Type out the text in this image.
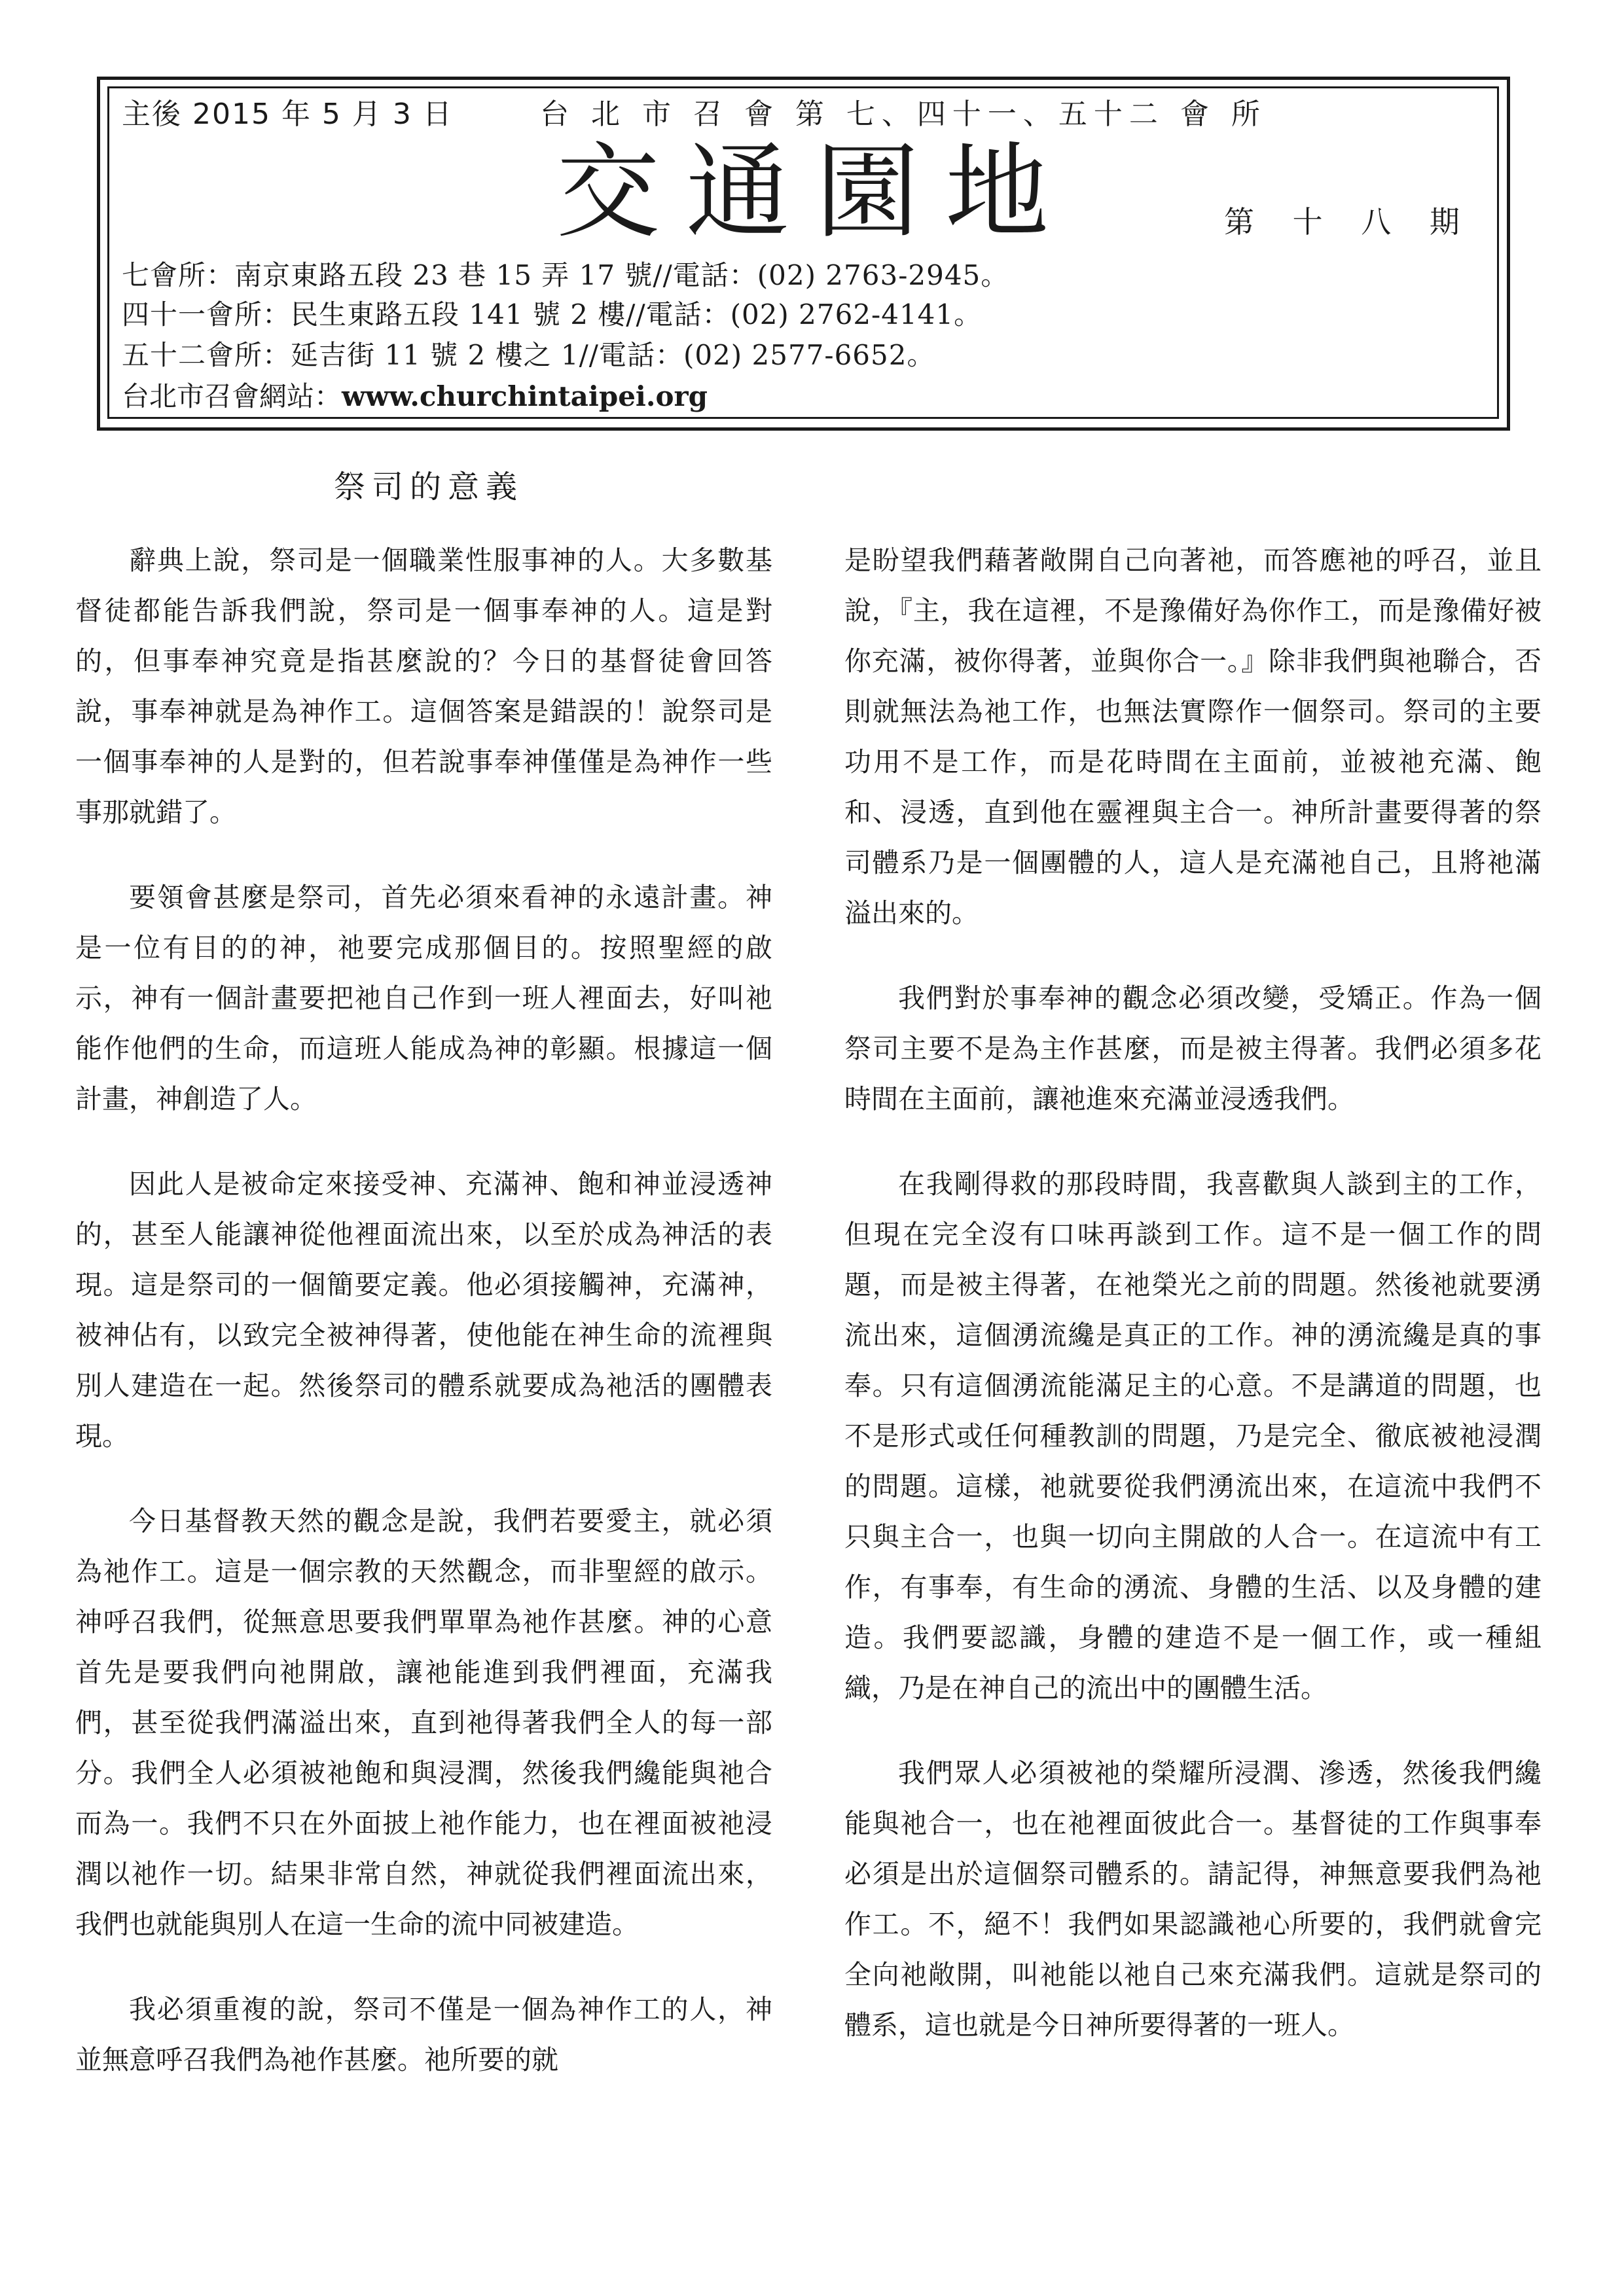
主後 2015 年 5 月 3 日	台 北 市 召 會 第 七、四十一、五十二 會 所
交通園地	第 十 八 期
七會所：南京東路五段 23 巷 15 弄 17 號//電話：(02) 2763-2945。
四十一會所：民生東路五段 141 號 2 樓//電話：(02) 2762-4141。
五十二會所：延吉街 11 號 2 樓之 1//電話：(02) 2577-6652。
台北市召會網站：www.churchintaipei.org
祭司的意義

辭典上說，祭司是一個職業性服事神的人。大多數基督徒都能告訴我們說，祭司是一個事奉神的人。這是對的，但事奉神究竟是指甚麼說的？今日的基督徒會回答說，事奉神就是為神作工。這個答案是錯誤的！說祭司是一個事奉神的人是對的，但若說事奉神僅僅是為神作一些事那就錯了。

要領會甚麼是祭司，首先必須來看神的永遠計畫。神是一位有目的的神，祂要完成那個目的。按照聖經的啟示，神有一個計畫要把祂自己作到一班人裡面去，好叫祂能作他們的生命，而這班人能成為神的彰顯。根據這一個計畫，神創造了人。

因此人是被命定來接受神、充滿神、飽和神並浸透神的，甚至人能讓神從他裡面流出來，以至於成為神活的表現。這是祭司的一個簡要定義。他必須接觸神，充滿神，被神佔有，以致完全被神得著，使他能在神生命的流裡與別人建造在一起。然後祭司的體系就要成為祂活的團體表現。

今日基督教天然的觀念是說，我們若要愛主，就必須為祂作工。這是一個宗教的天然觀念，而非聖經的啟示。神呼召我們，從無意思要我們單單為祂作甚麼。神的心意首先是要我們向祂開啟，讓祂能進到我們裡面，充滿我們，甚至從我們滿溢出來，直到祂得著我們全人的每一部分。我們全人必須被祂飽和與浸潤，然後我們纔能與祂合而為一。我們不只在外面披上祂作能力，也在裡面被祂浸潤以祂作一切。結果非常自然，神就從我們裡面流出來，我們也就能與別人在這一生命的流中同被建造。

我必須重複的說，祭司不僅是一個為神作工的人，神並無意呼召我們為祂作甚麼。祂所要的就

是盼望我們藉著敞開自己向著祂，而答應祂的呼召，並且說，『主，我在這裡，不是豫備好為你作工，而是豫備好被你充滿，被你得著，並與你合一。』除非我們與祂聯合，否則就無法為祂工作，也無法實際作一個祭司。祭司的主要功用不是工作，而是花時間在主面前，並被祂充滿、飽和、浸透，直到他在靈裡與主合一。神所計畫要得著的祭司體系乃是一個團體的人，這人是充滿祂自己，且將祂滿溢出來的。

我們對於事奉神的觀念必須改變，受矯正。作為一個祭司主要不是為主作甚麼，而是被主得著。我們必須多花時間在主面前，讓祂進來充滿並浸透我們。

在我剛得救的那段時間，我喜歡與人談到主的工作，但現在完全沒有口味再談到工作。這不是一個工作的問題，而是被主得著，在祂榮光之前的問題。然後祂就要湧流出來，這個湧流纔是真正的工作。神的湧流纔是真的事奉。只有這個湧流能滿足主的心意。不是講道的問題，也不是形式或任何種教訓的問題，乃是完全、徹底被祂浸潤的問題。這樣，祂就要從我們湧流出來，在這流中我們不只與主合一，也與一切向主開啟的人合一。在這流中有工作，有事奉，有生命的湧流、身體的生活、以及身體的建造。我們要認識，身體的建造不是一個工作，或一種組織，乃是在神自己的流出中的團體生活。

我們眾人必須被祂的榮耀所浸潤、滲透，然後我們纔能與祂合一，也在祂裡面彼此合一。基督徒的工作與事奉必須是出於這個祭司體系的。請記得，神無意要我們為祂作工。不，絕不！我們如果認識祂心所要的，我們就會完全向祂敞開，叫祂能以祂自己來充滿我們。這就是祭司的體系，這也就是今日神所要得著的一班人。
